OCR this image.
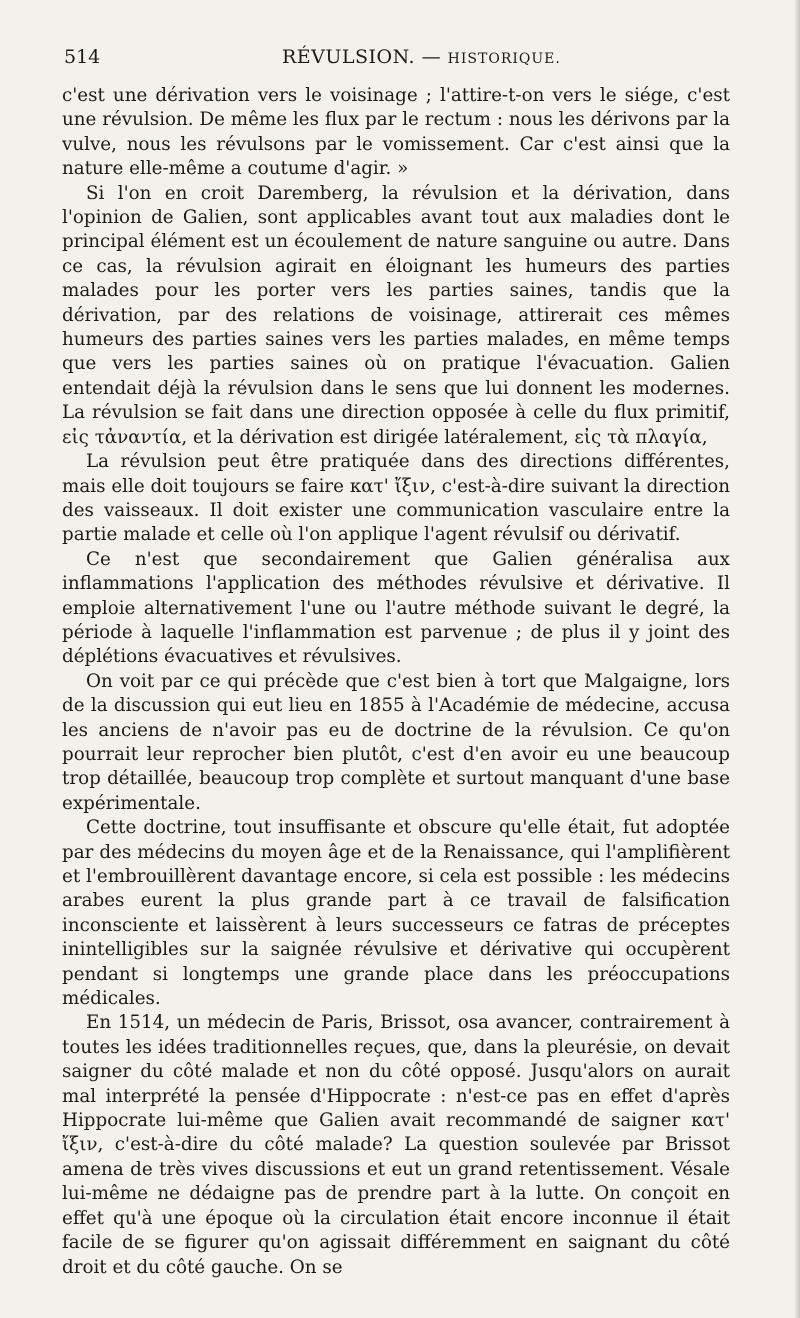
514	RÉVULSION. — HISTORIQUE.

c'est une dérivation vers le voisinage ; l'attire-t-on vers le siége, c'est une révulsion. De même les flux par le rectum : nous les dérivons par la vulve, nous les révulsons par le vomissement. Car c'est ainsi que la nature elle-même a coutume d'agir. »

Si l'on en croit Daremberg, la révulsion et la dérivation, dans l'opinion de Galien, sont applicables avant tout aux maladies dont le principal élément est un écoulement de nature sanguine ou autre. Dans ce cas, la révulsion agirait en éloignant les humeurs des parties malades pour les porter vers les parties saines, tandis que la dérivation, par des relations de voisinage, attirerait ces mêmes humeurs des parties saines vers les parties malades, en même temps que vers les parties saines où on pratique l'évacuation. Galien entendait déjà la révulsion dans le sens que lui donnent les modernes. La révulsion se fait dans une direction opposée à celle du flux primitif, εἰς τἀναντία, et la dérivation est dirigée latéralement, εἰς τὰ πλαγία,

La révulsion peut être pratiquée dans des directions différentes, mais elle doit toujours se faire κατ' ἴξιν, c'est-à-dire suivant la direction des vaisseaux. Il doit exister une communication vasculaire entre la partie malade et celle où l'on applique l'agent révulsif ou dérivatif.

Ce n'est que secondairement que Galien généralisa aux inflammations l'application des méthodes révulsive et dérivative. Il emploie alternativement l'une ou l'autre méthode suivant le degré, la période à laquelle l'inflammation est parvenue ; de plus il y joint des déplétions évacuatives et révulsives.

On voit par ce qui précède que c'est bien à tort que Malgaigne, lors de la discussion qui eut lieu en 1855 à l'Académie de médecine, accusa les anciens de n'avoir pas eu de doctrine de la révulsion. Ce qu'on pourrait leur reprocher bien plutôt, c'est d'en avoir eu une beaucoup trop détaillée, beaucoup trop complète et surtout manquant d'une base expérimentale.

Cette doctrine, tout insuffisante et obscure qu'elle était, fut adoptée par des médecins du moyen âge et de la Renaissance, qui l'amplifièrent et l'embrouillèrent davantage encore, si cela est possible : les médecins arabes eurent la plus grande part à ce travail de falsification inconsciente et laissèrent à leurs successeurs ce fatras de préceptes inintelligibles sur la saignée révulsive et dérivative qui occupèrent pendant si longtemps une grande place dans les préoccupations médicales.

En 1514, un médecin de Paris, Brissot, osa avancer, contrairement à toutes les idées traditionnelles reçues, que, dans la pleurésie, on devait saigner du côté malade et non du côté opposé. Jusqu'alors on aurait mal interprété la pensée d'Hippocrate : n'est-ce pas en effet d'après Hippocrate lui-même que Galien avait recommandé de saigner κατ' ἴξιν, c'est-à-dire du côté malade? La question soulevée par Brissot amena de très vives discussions et eut un grand retentissement. Vésale lui-même ne dédaigne pas de prendre part à la lutte. On conçoit en effet qu'à une époque où la circulation était encore inconnue il était facile de se figurer qu'on agissait différemment en saignant du côté droit et du côté gauche. On se
